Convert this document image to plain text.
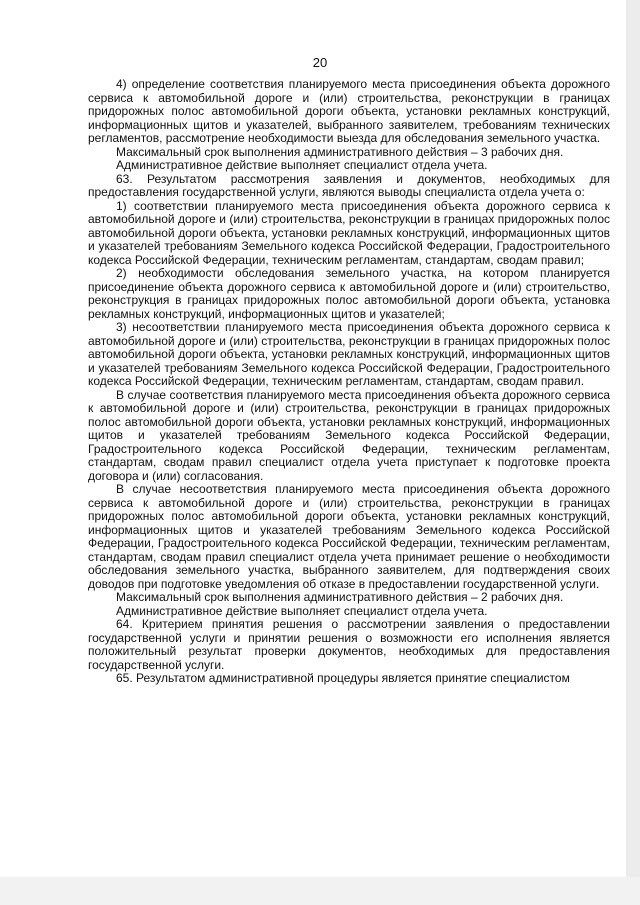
20

4) определение соответствия планируемого места присоединения объекта дорожного сервиса к автомобильной дороге и (или) строительства, реконструкции в границах придорожных полос автомобильной дороги объекта, установки рекламных конструкций, информационных щитов и указателей, выбранного заявителем, требованиям технических регламентов, рассмотрение необходимости выезда для обследования земельного участка.

Максимальный срок выполнения административного действия – 3 рабочих дня.

Административное действие выполняет специалист отдела учета.

63. Результатом рассмотрения заявления и документов, необходимых для предоставления государственной услуги, являются выводы специалиста отдела учета о:

1) соответствии планируемого места присоединения объекта дорожного сервиса к автомобильной дороге и (или) строительства, реконструкции в границах придорожных полос автомобильной дороги объекта, установки рекламных конструкций, информационных щитов и указателей требованиям Земельного кодекса Российской Федерации, Градостроительного кодекса Российской Федерации, техническим регламентам, стандартам, сводам правил;

2) необходимости обследования земельного участка, на котором планируется присоединение объекта дорожного сервиса к автомобильной дороге и (или) строительство, реконструкция в границах придорожных полос автомобильной дороги объекта, установка рекламных конструкций, информационных щитов и указателей;

3) несоответствии планируемого места присоединения объекта дорожного сервиса к автомобильной дороге и (или) строительства, реконструкции в границах придорожных полос автомобильной дороги объекта, установки рекламных конструкций, информационных щитов и указателей требованиям Земельного кодекса Российской Федерации, Градостроительного кодекса Российской Федерации, техническим регламентам, стандартам, сводам правил.

В случае соответствия планируемого места присоединения объекта дорожного сервиса к автомобильной дороге и (или) строительства, реконструкции в границах придорожных полос автомобильной дороги объекта, установки рекламных конструкций, информационных щитов и указателей требованиям Земельного кодекса Российской Федерации, Градостроительного кодекса Российской Федерации, техническим регламентам, стандартам, сводам правил специалист отдела учета приступает к подготовке проекта договора и (или) согласования.

В случае несоответствия планируемого места присоединения объекта дорожного сервиса к автомобильной дороге и (или) строительства, реконструкции в границах придорожных полос автомобильной дороги объекта, установки рекламных конструкций, информационных щитов и указателей требованиям Земельного кодекса Российской Федерации, Градостроительного кодекса Российской Федерации, техническим регламентам, стандартам, сводам правил специалист отдела учета принимает решение о необходимости обследования земельного участка, выбранного заявителем, для подтверждения своих доводов при подготовке уведомления об отказе в предоставлении государственной услуги.

Максимальный срок выполнения административного действия – 2 рабочих дня.

Административное действие выполняет специалист отдела учета.

64. Критерием принятия решения о рассмотрении заявления о предоставлении государственной услуги и принятии решения о возможности его исполнения является положительный результат проверки документов, необходимых для предоставления государственной услуги.

65. Результатом административной процедуры является принятие специалистом
